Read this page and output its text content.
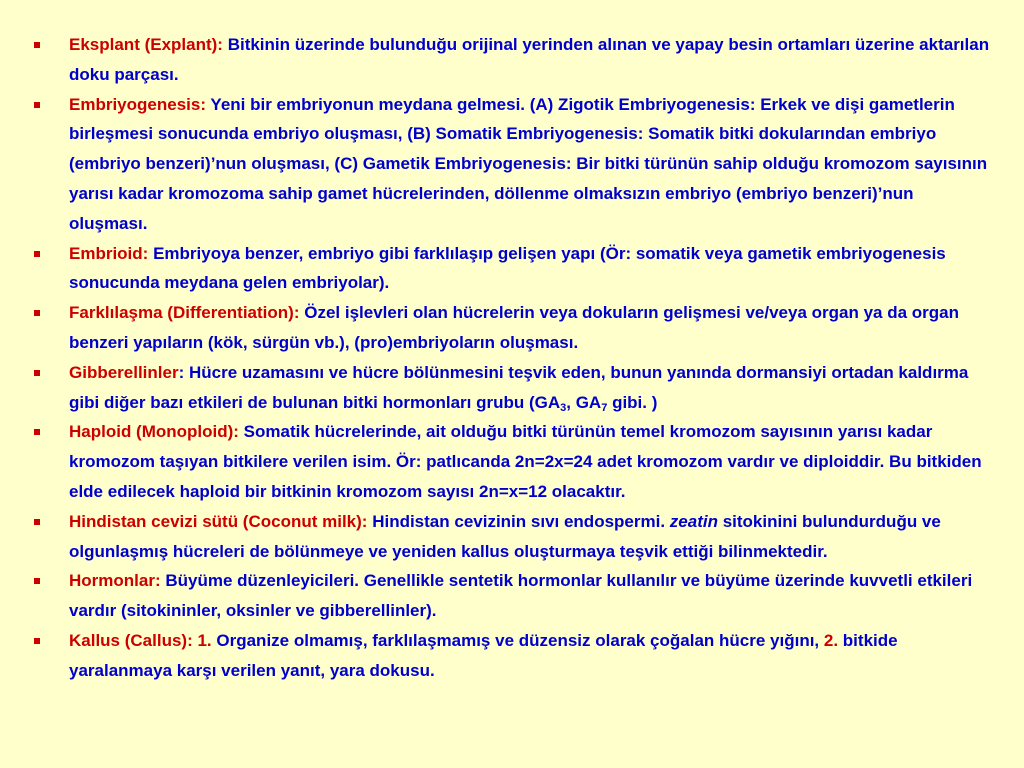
Eksplant (Explant): Bitkinin üzerinde bulunduğu orijinal yerinden alınan ve yapay besin ortamları üzerine aktarılan doku parçası.
Embriyogenesis: Yeni bir embriyonun meydana gelmesi. (A) Zigotik Embriyogenesis: Erkek ve dişi gametlerin birleşmesi sonucunda embriyo oluşması, (B) Somatik Embriyogenesis: Somatik bitki dokularından embriyo (embriyo benzeri)’nun oluşması, (C) Gametik Embriyogenesis: Bir bitki türünün sahip olduğu kromozom sayısının yarısı kadar kromozoma sahip gamet hücrelerinden, döllenme olmaksızın embriyo (embriyo benzeri)’nun oluşması.
Embrioid: Embriyoya benzer, embriyo gibi farklılaşıp gelişen yapı (Ör: somatik veya gametik embriyogenesis sonucunda meydana gelen embriyolar).
Farklılaşma (Differentiation): Özel işlevleri olan hücrelerin veya dokuların gelişmesi ve/veya organ ya da organ benzeri yapıların (kök, sürgün vb.), (pro)embriyoların oluşması.
Gibberellinler: Hücre uzamasını ve hücre bölünmesini teşvik eden, bunun yanında dormansiyi ortadan kaldırma gibi diğer bazı etkileri de bulunan bitki hormonları grubu ($GA_3$, $GA_7$ gibi. )
Haploid (Monoploid): Somatik hücrelerinde, ait olduğu bitki türünün temel kromozom sayısının yarısı kadar kromozom taşıyan bitkilere verilen isim. Ör: patlıcanda 2n=2x=24 adet kromozom vardır ve diploiddir. Bu bitkiden elde edilecek haploid bir bitkinin kromozom sayısı 2n=x=12 olacaktır.
Hindistan cevizi sütü (Coconut milk): Hindistan cevizinin sıvı endospermi. zeatin sitokinini bulundurduğu ve olgunlaşmış hücreleri de bölünmeye ve yeniden kallus oluşturmaya teşvik ettiği bilinmektedir.
Hormonlar: Büyüme düzenleyicileri. Genellikle sentetik hormonlar kullanılır ve büyüme üzerinde kuvvetli etkileri vardır (sitokininler, oksinler ve gibberellinler).
Kallus (Callus): 1. Organize olmamış, farklılaşmamış ve düzensiz olarak çoğalan hücre yığını, 2. bitkide yaralanmaya karşı verilen yanıt, yara dokusu.
